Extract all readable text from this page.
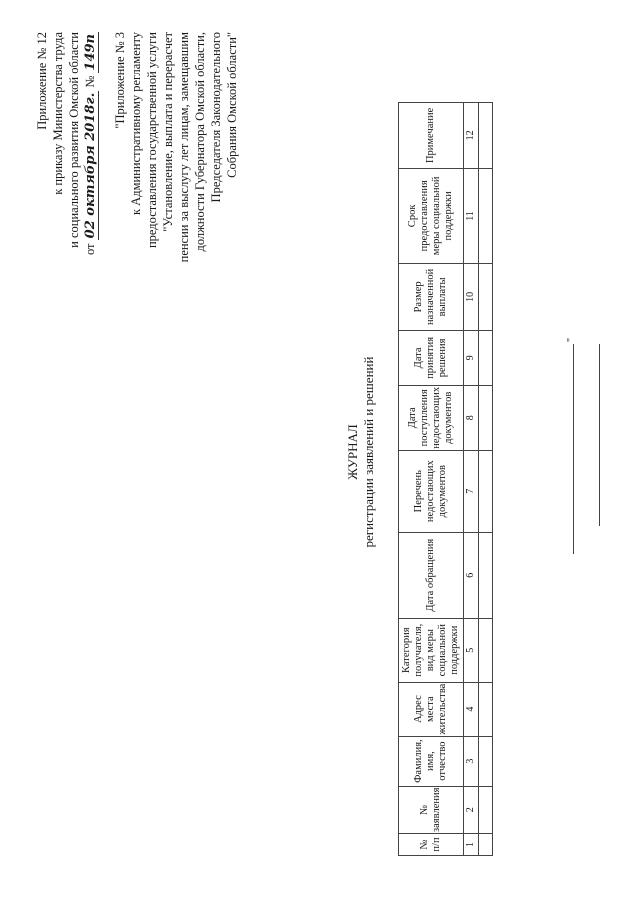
Приложение № 12 к приказу Министерства труда и социального развития Омской области
от 02 октября 2018г. № 149п "Приложение № 3 к Административному регламенту предоставления государственной услуги "Установление, выплата и перерасчет пенсии за выслугу лет лицам, замещавшим должности Губернатора Омской области, Председателя Законодательного Собрания Омской области"
ЖУРНАЛ регистрации заявлений и решений
№ п/п	№ заявления	Фамилия, имя, отчество	Адрес места жительства	Категория получателя, вид меры социальной поддержки	Дата обращения	Перечень недостающих документов	Дата поступления недостающих документов	Дата принятия решения	Размер назначенной выплаты	Срок предоставления меры социальной поддержки	Примечание
1	2	3	4	5	6	7	8	9	10	11	12

"
